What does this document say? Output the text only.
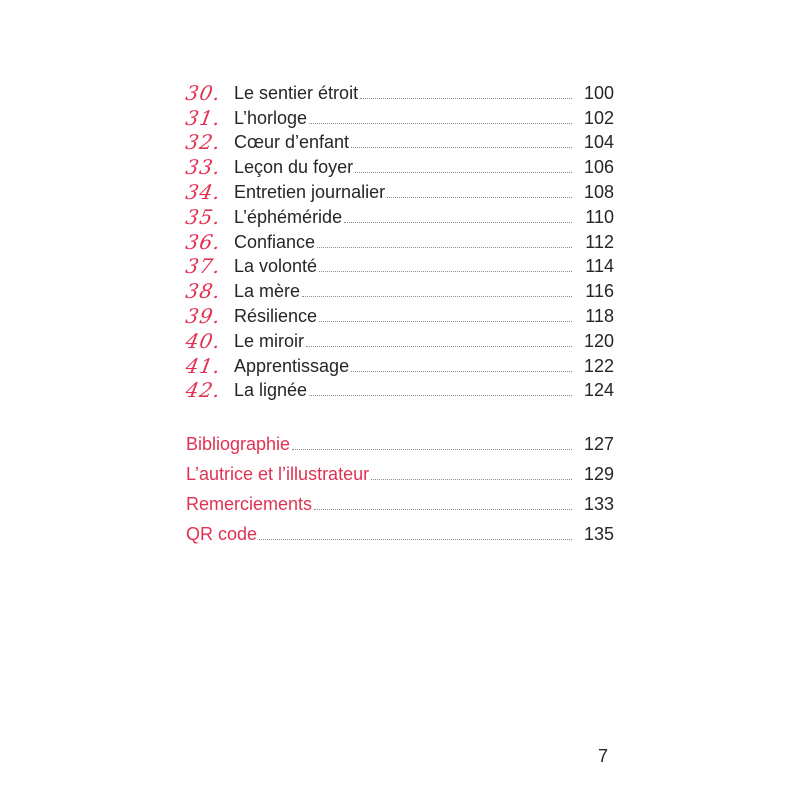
30. Le sentier étroit	100
31. L’horloge	102
32. Cœur d’enfant	104
33. Leçon du foyer	106
34. Entretien journalier	108
35. L’éphéméride	110
36. Confiance	112
37. La volonté	114
38. La mère	116
39. Résilience	118
40. Le miroir	120
41. Apprentissage	122
42. La lignée	124
Bibliographie	127
L’autrice et l’illustrateur	129
Remerciements	133
QR code	135
7
